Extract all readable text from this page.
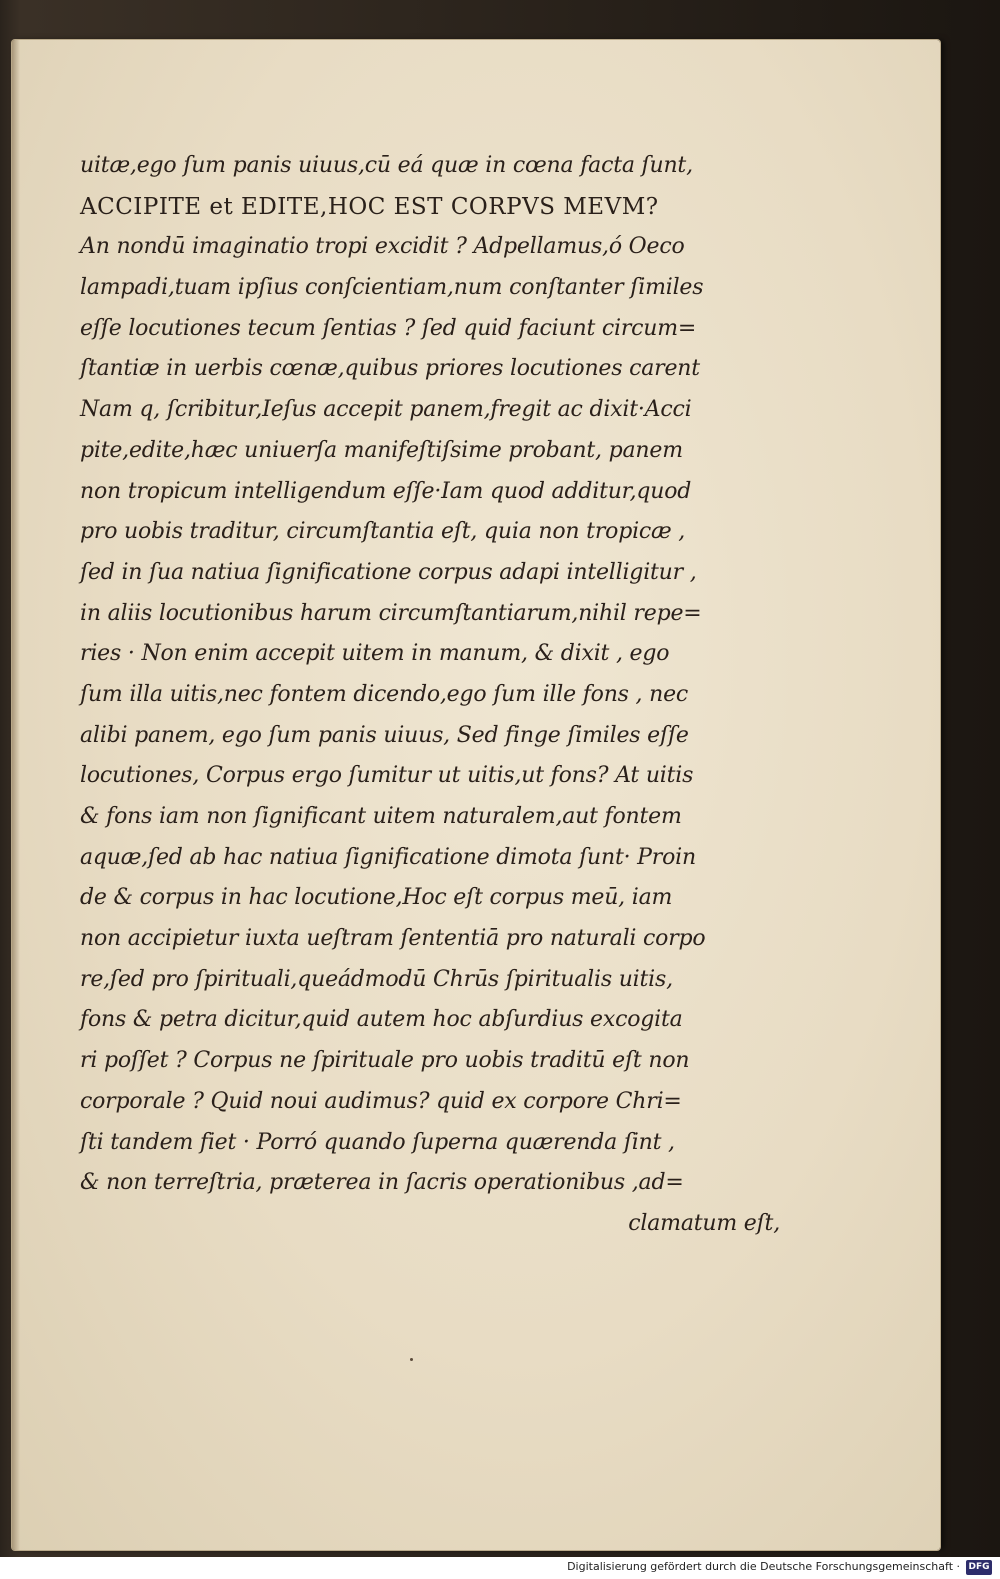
uitæ,ego ſum panis uiuus,cū eá quæ in cœna facta ſunt,
ACCIPITE et EDITE,HOC EST CORPVS MEVM?
An nondū imaginatio tropi excidit ? Adpellamus,ó Oeco
lampadi,tuam ipſius conſcientiam,num conſtanter ſimiles
eſſe locutiones tecum ſentias ? ſed quid faciunt circum=
ſtantiæ in uerbis cœnæ,quibus priores locutiones carent
Nam q, ſcribitur,Ieſus accepit panem,fregit ac dixit·Acci
pite,edite,hæc uniuerſa manifeſtiſsime probant, panem
non tropicum intelligendum eſſe·Iam quod additur,quod
pro uobis traditur, circumſtantia eſt, quia non tropicæ ,
ſed in ſua natiua ſignificatione corpus adapi intelligitur ,
in aliis locutionibus harum circumſtantiarum,nihil repe=
ries · Non enim accepit uitem in manum, & dixit , ego
ſum illa uitis,nec fontem dicendo,ego ſum ille fons , nec
alibi panem, ego ſum panis uiuus, Sed finge ſimiles eſſe
locutiones, Corpus ergo ſumitur ut uitis,ut fons? At uitis
& fons iam non ſignificant uitem naturalem,aut fontem
aquæ,ſed ab hac natiua ſignificatione dimota ſunt· Proin
de & corpus in hac locutione,Hoc eſt corpus meū, iam
non accipietur iuxta ueſtram ſententiā pro naturali corpo
re,ſed pro ſpirituali,queádmodū Chrūs ſpiritualis uitis,
fons & petra dicitur,quid autem hoc abſurdius excogita
ri poſſet ? Corpus ne ſpirituale pro uobis traditū eſt non
corporale ? Quid noui audimus? quid ex corpore Chri=
ſti tandem fiet · Porró quando ſuperna quærenda ſint ,
& non terreſtria, præterea in ſacris operationibus ,ad=
clamatum eſt,
Digitalisierung gefördert durch die Deutsche Forschungsgemeinschaft · DFG
